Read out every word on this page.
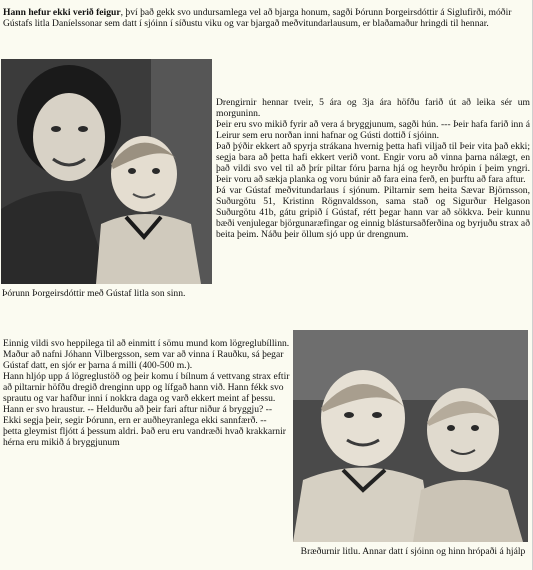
Hann hefur ekki verið feigur, því það gekk svo undursamlega vel að bjarga honum, sagði Þórunn Þorgeirsdóttir á Siglufirði, móðir Gústafs litla Daníelssonar sem datt í sjóinn í síðustu viku og var bjargað meðvitundarlausum, er blaðamaður hringdi til hennar.

Þórunn Þorgeirsdóttir með Gústaf litla son sinn.

Drengirnir hennar tveir, 5 ára og 3ja ára höfðu farið út að leika sér um morguninn.

Þeir eru svo mikið fyrir að vera á bryggjunum, sagði hún. --- Þeir hafa farið inn á Leirur sem eru norðan inni hafnar og Gústi dottið í sjóinn.

Það þýðir ekkert að spyrja strákana hvernig þetta hafi viljað til Þeir vita það ekki; segja bara að þetta hafi ekkert verið vont. Engir voru að vinna þarna nálægt, en það vildi svo vel til að þrír piltar fóru þarna hjá og heyrðu hrópin í þeim yngri. Þeir voru að sækja planka og voru búnir að fara eina ferð, en þurftu að fara aftur.

Þá var Gústaf meðvitundarlaus í sjónum. Piltarnir sem heita Sævar Björnsson, Suðurgötu 51, Kristinn Rögnvaldsson, sama stað og Sigurður Helgason Suðurgötu 41b, gátu gripið í Gústaf, rétt þegar hann var að sökkva. Þeir kunnu bæði venjulegar björgunaræfingar og einnig blástursaðferðina og byrjuðu strax að beita þeim. Náðu þeir öllum sjó upp úr drengnum.

Einnig vildi svo heppilega til að einmitt í sömu mund kom lögreglubíllinn. Maður að nafni Jóhann Vilbergsson, sem var að vinna í Rauðku, sá þegar Gústaf datt, en sjór er þarna á milli (400-500 m.).

Hann hljóp upp á lögreglustöð og þeir komu í bílnum á vettvang strax eftir að piltarnir höfðu dregið drenginn upp og lífgað hann við. Hann fékk svo sprautu og var hafður inni í nokkra daga og varð ekkert meint af þessu. Hann er svo hraustur. -- Heldurðu að þeir fari aftur niður á bryggju? --

Ekki segja þeir, segir Þórunn, ern er auðheyranlega ekki sannfærð. --

þetta gleymist fljótt á þessum aldri. Það eru eru vandræði hvað krakkarnir hérna eru mikið á bryggjunum

Bræðurnir litlu. Annar datt í sjóinn og hinn hrópaði á hjálp
